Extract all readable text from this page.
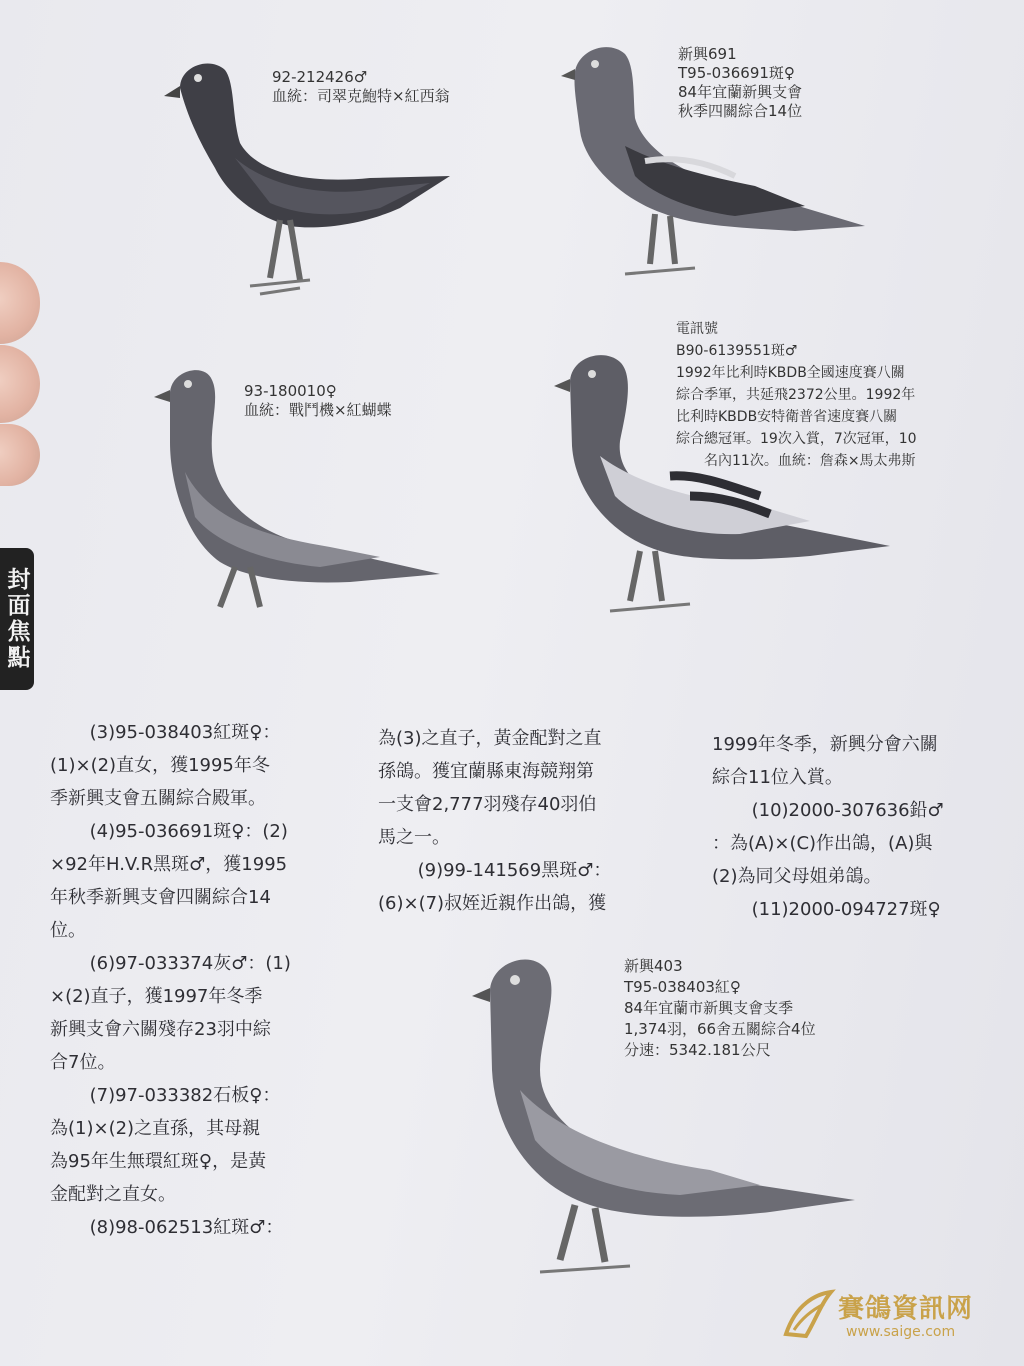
封面焦點
92-212426♂
血統：司翠克鮑特×紅西翁
新興691
T95-036691斑♀
84年宜蘭新興支會
秋季四關綜合14位
93-180010♀
血統：戰鬥機×紅蝴蝶
電訊號
B90-6139551斑♂
1992年比利時KBDB全國速度賽八關
綜合季軍，共延飛2372公里。1992年
比利時KBDB安特衛普省速度賽八關
綜合總冠軍。19次入賞，7次冠軍，10
名內11次。血統：詹森×馬太弗斯
新興403
T95-038403紅♀
84年宜蘭市新興支會支季
1,374羽，66舍五關綜合4位
分速：5342.181公尺
(3)95-038403紅斑♀：
(1)×(2)直女，獲1995年冬
季新興支會五關綜合殿軍。
(4)95-036691斑♀：(2)
×92年H.V.R黑斑♂，獲1995
年秋季新興支會四關綜合14
位。
(6)97-033374灰♂：(1)
×(2)直子，獲1997年冬季
新興支會六關殘存23羽中綜
合7位。
(7)97-033382石板♀：
為(1)×(2)之直孫，其母親
為95年生無環紅斑♀，是黃
金配對之直女。
(8)98-062513紅斑♂：
為(3)之直子，黃金配對之直
孫鴿。獲宜蘭縣東海競翔第
一支會2,777羽殘存40羽伯
馬之一。
(9)99-141569黑斑♂：
(6)×(7)叔姪近親作出鴿，獲
1999年冬季，新興分會六關
綜合11位入賞。
(10)2000-307636鉛♂
：為(A)×(C)作出鴿，(A)與
(2)為同父母姐弟鴿。
(11)2000-094727斑♀
賽鴿資訊网
www.saige.com
